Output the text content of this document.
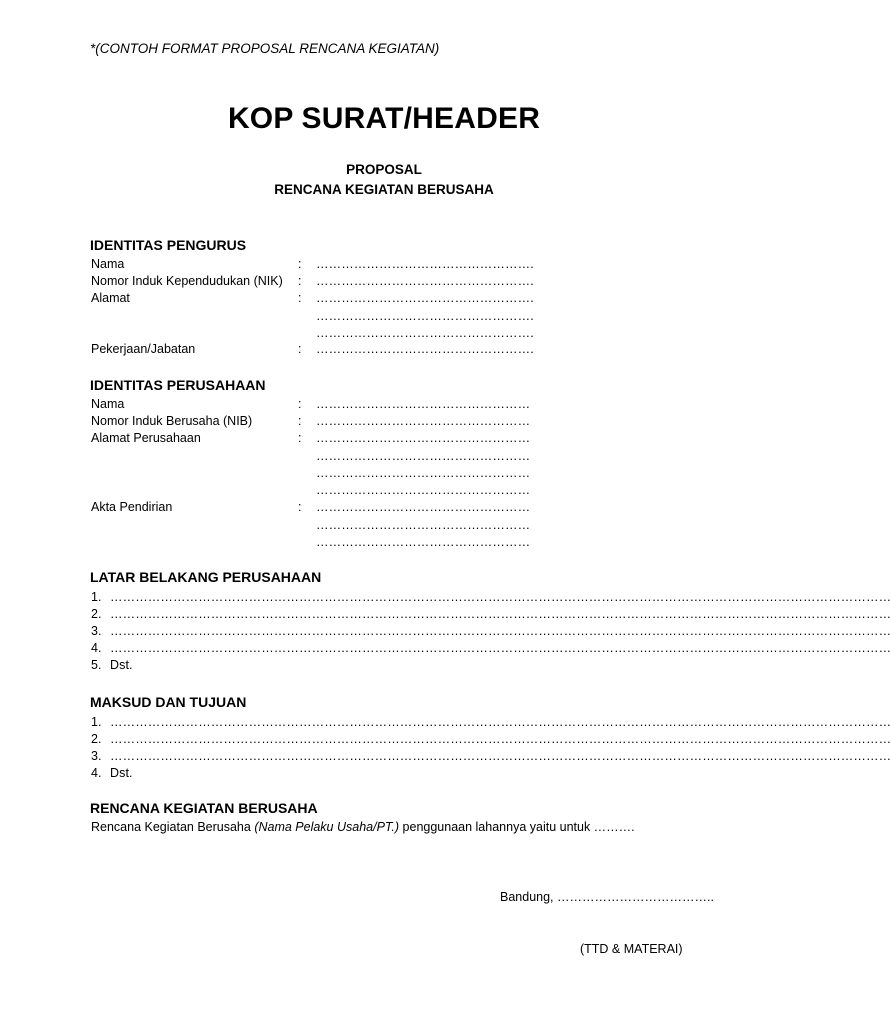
*(CONTOH FORMAT PROPOSAL RENCANA KEGIATAN)
KOP SURAT/HEADER
PROPOSAL
RENCANA KEGIATAN BERUSAHA
IDENTITAS PENGURUS
Nama	: …………………………………………….
Nomor Induk Kependudukan (NIK) : …………………………………………….
Alamat	: …………………………………………….
…………………………………………….
…………………………………………….
Pekerjaan/Jabatan	: …………………………………………….
IDENTITAS PERUSAHAAN
Nama	: ……………………………………………
Nomor Induk Berusaha (NIB)	: ……………………………………………
Alamat Perusahaan	: ……………………………………………
……………………………………………
……………………………………………
……………………………………………
Akta Pendirian	: ……………………………………………
……………………………………………
……………………………………………
LATAR BELAKANG PERUSAHAAN
1. ……………………………………………………………………………………………………………………………………………………………………
2. ……………………………………………………………………………………………………………………………………………………………………
3. ……………………………………………………………………………………………………………………………………………………………………
4. ……………………………………………………………………………………………………………………………………………………………………
5. Dst.
MAKSUD DAN TUJUAN
1. ……………………………………………………………………………………………………………………………………………………………………
2. ……………………………………………………………………………………………………………………………………………………………………
3. ……………………………………………………………………………………………………………………………………………………………………
4. Dst.
RENCANA KEGIATAN BERUSAHA
Rencana Kegiatan Berusaha (Nama Pelaku Usaha/PT.) penggunaan lahannya yaitu untuk ……….
Bandung, ………………………………..
(TTD & MATERAI)
